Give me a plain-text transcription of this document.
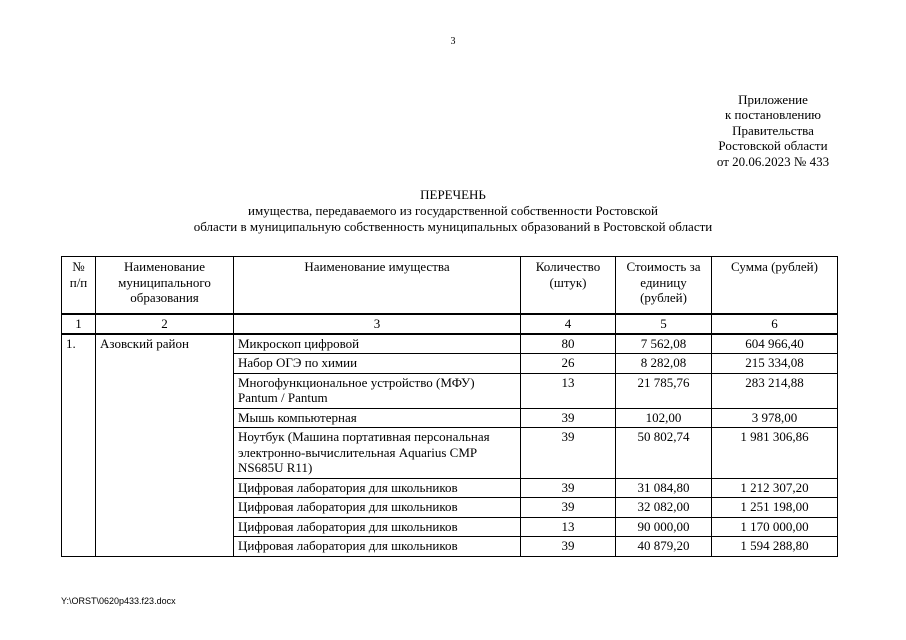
3
Приложение
к постановлению
Правительства
Ростовской области
от 20.06.2023 № 433
ПЕРЕЧЕНЬ
имущества, передаваемого из государственной собственности Ростовской
области в муниципальную собственность муниципальных образований в Ростовской области
№ п/п	Наименование муниципального образования	Наименование имущества	Количество (штук)	Стоимость за единицу (рублей)	Сумма (рублей)
1	2	3	4	5	6
1.	Азовский район	Микроскоп цифровой	80	7 562,08	604 966,40
		Набор ОГЭ по химии	26	8 282,08	215 334,08
		Многофункциональное устройство (МФУ) Pantum / Pantum	13	21 785,76	283 214,88
		Мышь компьютерная	39	102,00	3 978,00
		Ноутбук (Машина портативная персональная электронно-вычислительная Aquarius CMP NS685U R11)	39	50 802,74	1 981 306,86
		Цифровая лаборатория для школьников	39	31 084,80	1 212 307,20
		Цифровая лаборатория для школьников	39	32 082,00	1 251 198,00
		Цифровая лаборатория для школьников	13	90 000,00	1 170 000,00
		Цифровая лаборатория для школьников	39	40 879,20	1 594 288,80
Y:\ORST\0620p433.f23.docx
